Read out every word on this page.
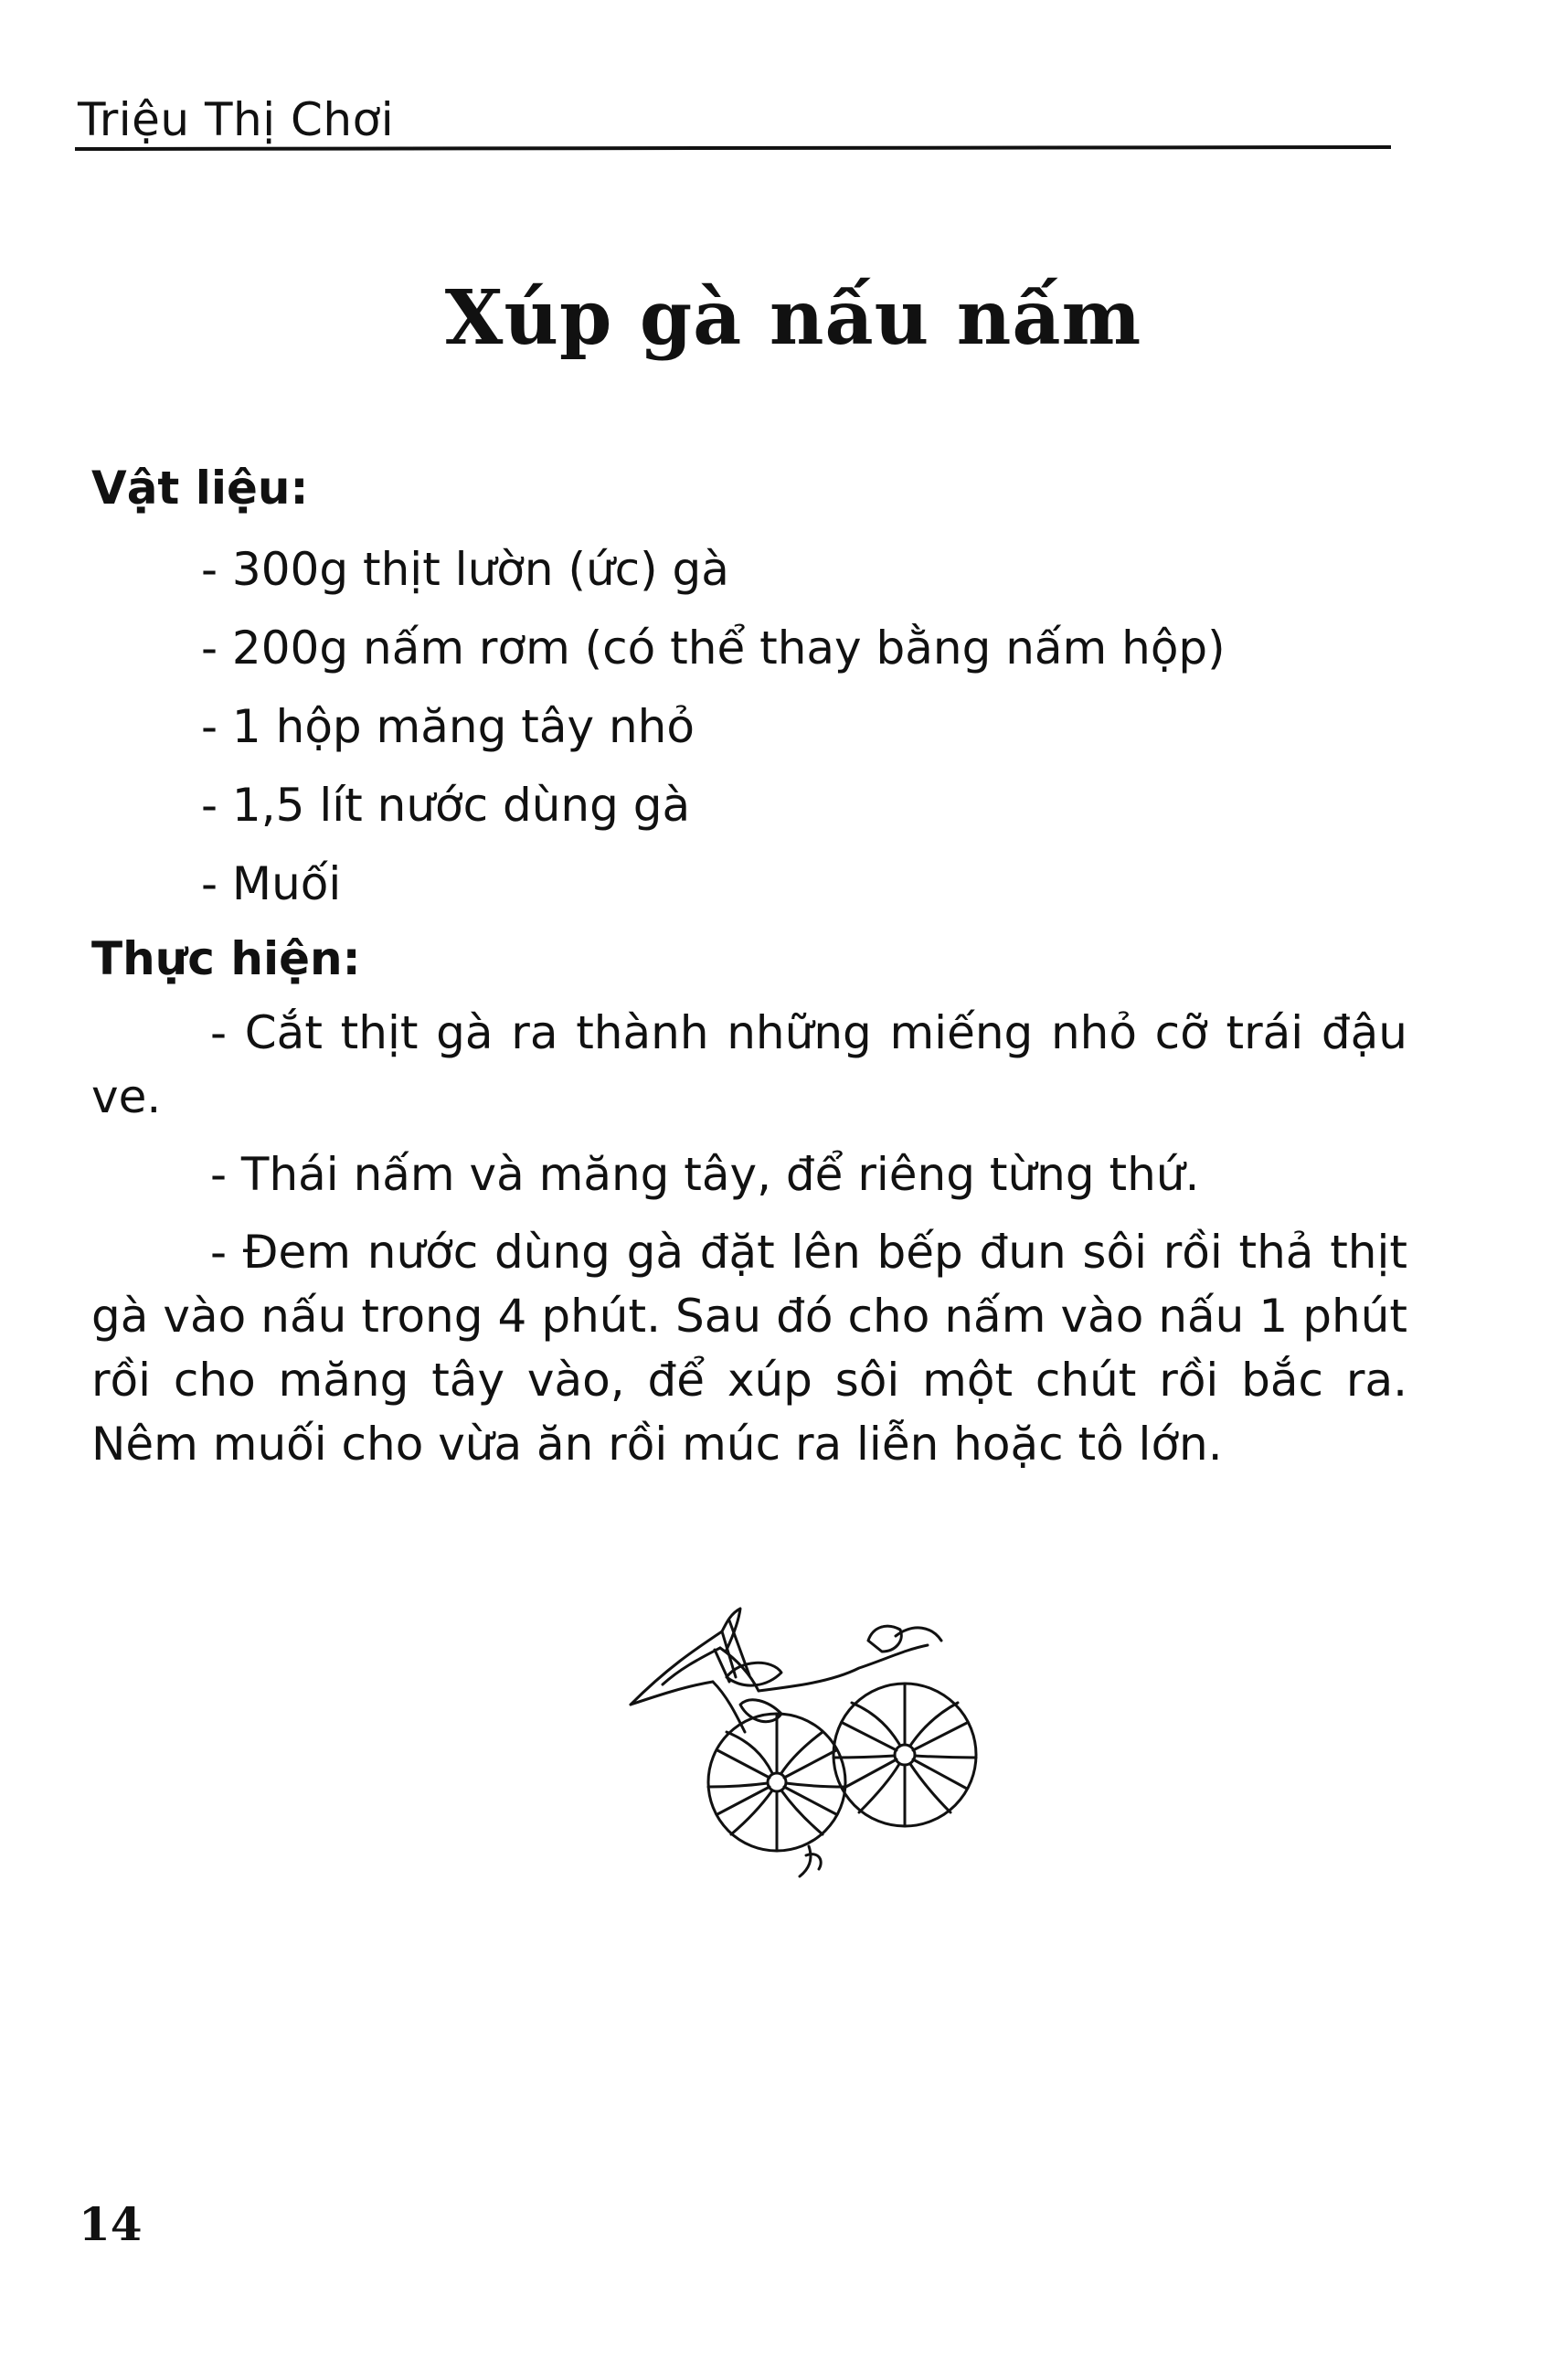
Triệu Thị Chơi
Xúp gà nấu nấm
Vật liệu:
- 300g thịt lườn (ức) gà
- 200g nấm rơm (có thể thay bằng nấm hộp)
- 1 hộp măng tây nhỏ
- 1,5 lít nước dùng gà
- Muối
Thực hiện:

- Cắt thịt gà ra thành những miếng nhỏ cỡ trái đậu ve.

- Thái nấm và măng tây, để riêng từng thứ.

- Đem nước dùng gà đặt lên bếp đun sôi rồi thả thịt gà vào nấu trong 4 phút. Sau đó cho nấm vào nấu 1 phút rồi cho măng tây vào, để xúp sôi một chút rồi bắc ra. Nêm muối cho vừa ăn rồi múc ra liễn hoặc tô lớn.

14
